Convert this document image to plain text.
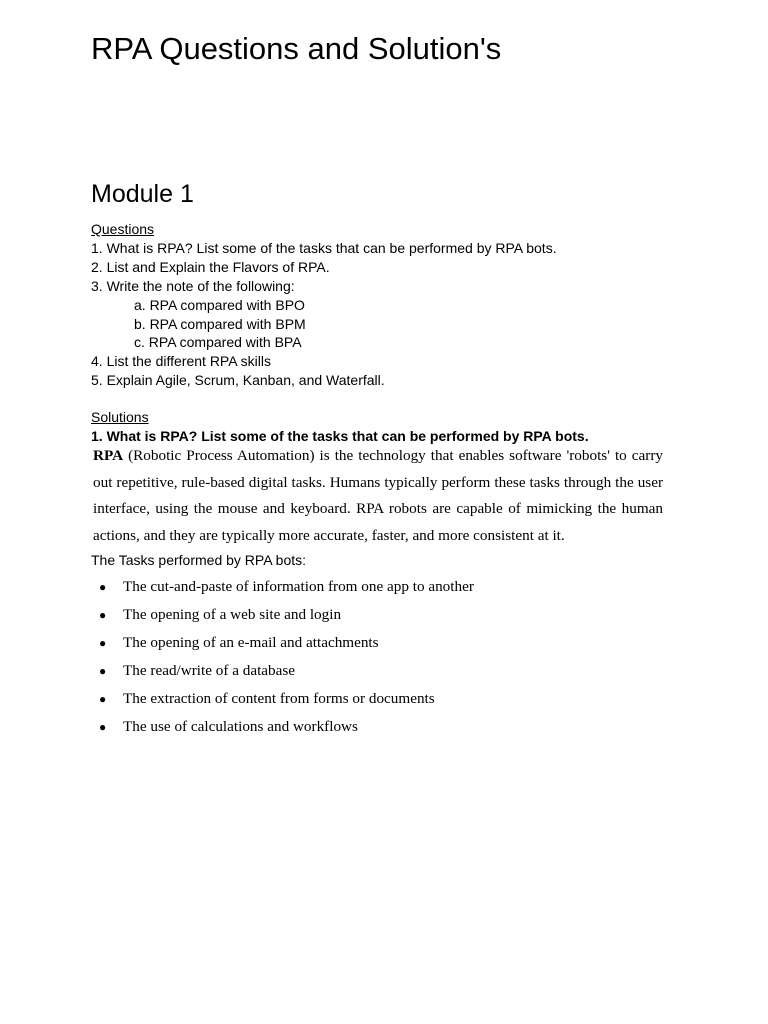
RPA Questions and Solution's
Module 1
Questions
1. What is RPA? List some of the tasks that can be performed by RPA bots.
2. List and Explain the Flavors of RPA.
3. Write the note of the following:
a. RPA compared with BPO
b. RPA compared with BPM
c. RPA compared with BPA
4. List the different RPA skills
5. Explain Agile, Scrum, Kanban, and Waterfall.
Solutions
1. What is RPA? List some of the tasks that can be performed by RPA bots.

RPA (Robotic Process Automation) is the technology that enables software 'robots' to carry out repetitive, rule-based digital tasks. Humans typically perform these tasks through the user interface, using the mouse and keyboard. RPA robots are capable of mimicking the human actions, and they are typically more accurate, faster, and more consistent at it.

The Tasks performed by RPA bots:
●	The cut-and-paste of information from one app to another
●	The opening of a web site and login
●	The opening of an e-mail and attachments
●	The read/write of a database
●	The extraction of content from forms or documents
●	The use of calculations and workflows
